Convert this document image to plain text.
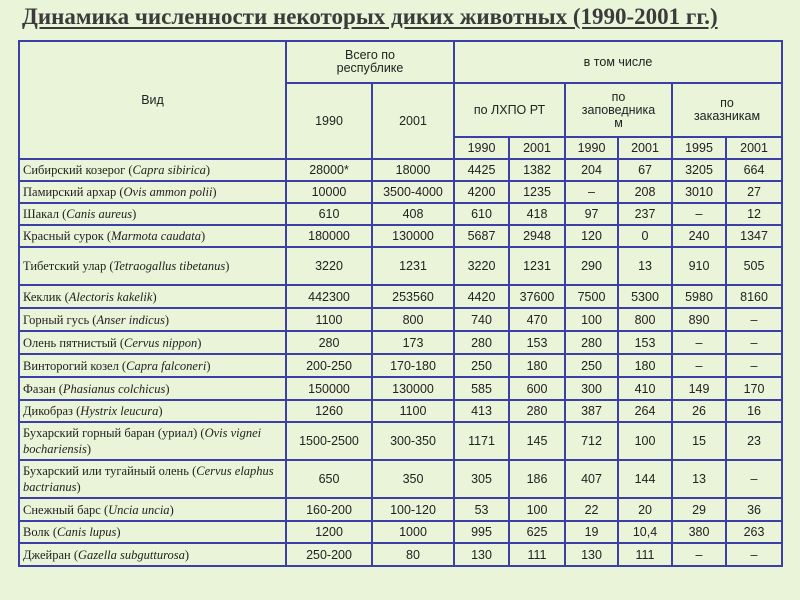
Динамика численности некоторых диких животных (1990-2001 гг.)
Вид	Всего по республике		в том числе					
	1990	2001	по ЛХПО РТ		по заповедника м		по заказникам	
			1990	2001	1990	2001	1995	2001
Сибирский козерог (Capra sibirica)	28000*	18000	4425	1382	204	67	3205	664
Памирский архар (Ovis ammon polii)	10000	3500-4000	4200	1235	–	208	3010	27
Шакал (Canis aureus)	610	408	610	418	97	237	–	12
Красный сурок (Marmota caudata)	180000	130000	5687	2948	120	0	240	1347
Тибетский улар (Tetraogallus tibetanus)	3220	1231	3220	1231	290	13	910	505
Кеклик (Alectoris kakelik)	442300	253560	4420	37600	7500	5300	5980	8160
Горный гусь (Anser indicus)	1100	800	740	470	100	800	890	–
Олень пятнистый (Cervus nippon)	280	173	280	153	280	153	–	–
Винторогий козел (Capra falconeri)	200-250	170-180	250	180	250	180	–	–
Фазан (Phasianus colchicus)	150000	130000	585	600	300	410	149	170
Дикобраз (Hystrix leucura)	1260	1100	413	280	387	264	26	16
Бухарский горный баран (уриал) (Ovis vignei bochariensis)	1500-2500	300-350	1171	145	712	100	15	23
Бухарский или тугайный олень (Cervus elaphus bactrianus)	650	350	305	186	407	144	13	–
Снежный барс (Uncia uncia)	160-200	100-120	53	100	22	20	29	36
Волк (Canis lupus)	1200	1000	995	625	19	10,4	380	263
Джейран (Gazella subgutturosa)	250-200	80	130	111	130	111	–	–
